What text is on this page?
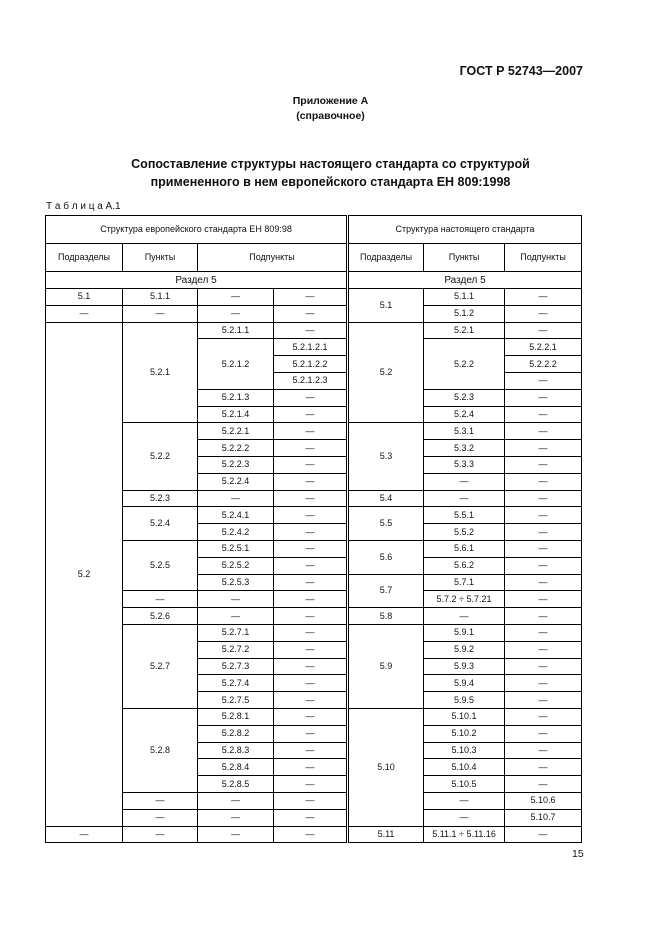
ГОСТ Р 52743—2007
Приложение А
(справочное)
Сопоставление структуры настоящего стандарта со структурой
примененного в нем европейского стандарта ЕН 809:1998
Т а б л и ц а А.1
Структура европейского стандарта ЕН 809:98				Структура настоящего стандарта			
Подразделы	Пункты	Подпункты		Подразделы	Пункты	Подпункты	
Раздел 5				Раздел 5			
5.1	5.1.1	—	—	5.1	5.1.1	—	
—	—	—	—		5.1.2	—	
5.2	5.2.1	5.2.1.1	—	5.2	5.2.1	—	
		5.2.1.2	5.2.1.2.1		5.2.2	5.2.2.1	
			5.2.1.2.2			5.2.2.2	
			5.2.1.2.3			—	
		5.2.1.3	—		5.2.3	—	
		5.2.1.4	—		5.2.4	—	
	5.2.2	5.2.2.1	—	5.3	5.3.1	—	
		5.2.2.2	—		5.3.2	—	
		5.2.2.3	—		5.3.3	—	
		5.2.2.4	—		—	—	
	5.2.3	—	—	5.4	—	—	
	5.2.4	5.2.4.1	—	5.5	5.5.1	—	
		5.2.4.2	—		5.5.2	—	
	5.2.5	5.2.5.1	—	5.6	5.6.1	—	
		5.2.5.2	—		5.6.2	—	
		5.2.5.3	—	5.7	5.7.1	—	
	—	—	—		5.7.2 ÷ 5.7.21	—	
	5.2.6	—	—	5.8	—	—	
	5.2.7	5.2.7.1	—	5.9	5.9.1	—	
		5.2.7.2	—		5.9.2	—	
		5.2.7.3	—		5.9.3	—	
		5.2.7.4	—		5.9.4	—	
		5.2.7.5	—		5.9.5	—	
	5.2.8	5.2.8.1	—	5.10	5.10.1	—	
		5.2.8.2	—		5.10.2	—	
		5.2.8.3	—		5.10.3	—	
		5.2.8.4	—		5.10.4	—	
		5.2.8.5	—		5.10.5	—	
	—	—	—		—	5.10.6	
	—	—	—		—	5.10.7	
—	—	—	—	5.11	5.11.1 ÷ 5.11.16	—	
15
